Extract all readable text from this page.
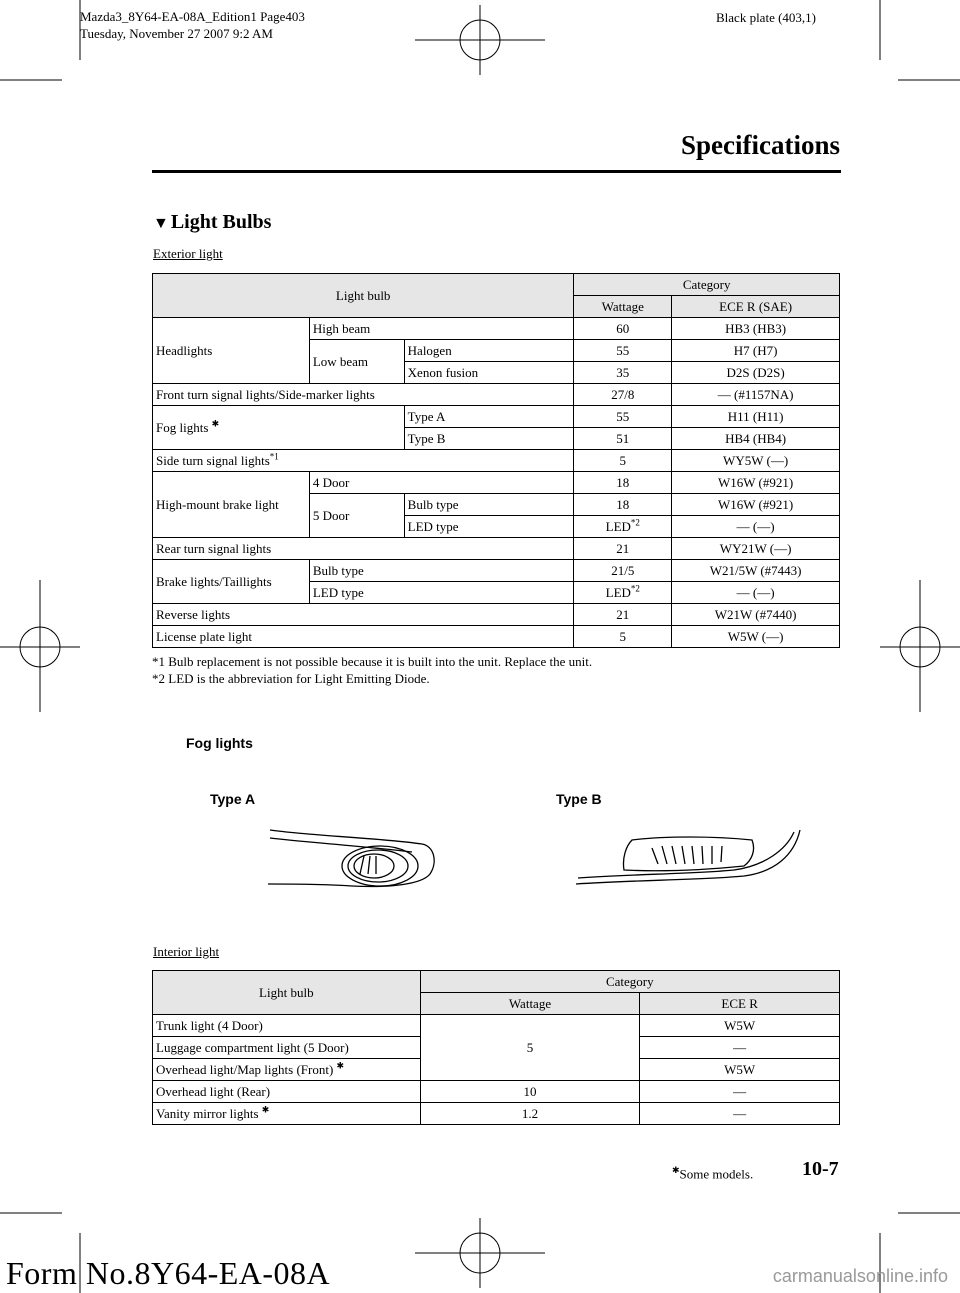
Mazda3_8Y64-EA-08A_Edition1 Page403
Tuesday, November 27 2007 9:2 AM
Black plate (403,1)
Specifications
▼ Light Bulbs
Exterior light
Light bulb			Category	
			Wattage	ECE R (SAE)
Headlights	High beam		60	HB3 (HB3)
	Low beam	Halogen	55	H7 (H7)
		Xenon fusion	35	D2S (D2S)
Front turn signal lights/Side-marker lights			27/8	― (#1157NA)
Fog lights ✱		Type A	55	H11 (H11)
		Type B	51	HB4 (HB4)
Side turn signal lights$^{*1}$			5	WY5W (―)
High-mount brake light	4 Door		18	W16W (#921)
	5 Door	Bulb type	18	W16W (#921)
		LED type	LED$^{*2}$	― (―)
Rear turn signal lights			21	WY21W (―)
Brake lights/Taillights	Bulb type		21/5	W21/5W (#7443)
	LED type		LED$^{*2}$	― (―)
Reverse lights			21	W21W (#7440)
License plate light			5	W5W (―)
*1 Bulb replacement is not possible because it is built into the unit. Replace the unit.
*2 LED is the abbreviation for Light Emitting Diode.
Fog lights
Type A	Type B
Interior light
Light bulb	Category	
	Wattage	ECE R
Trunk light (4 Door)	5	W5W
Luggage compartment light (5 Door)		―
Overhead light/Map lights (Front) ✱		W5W
Overhead light (Rear)	10	―
Vanity mirror lights ✱	1.2	―
✱Some models. 10-7
Form No.8Y64-EA-08A	carmanualsonline.info
